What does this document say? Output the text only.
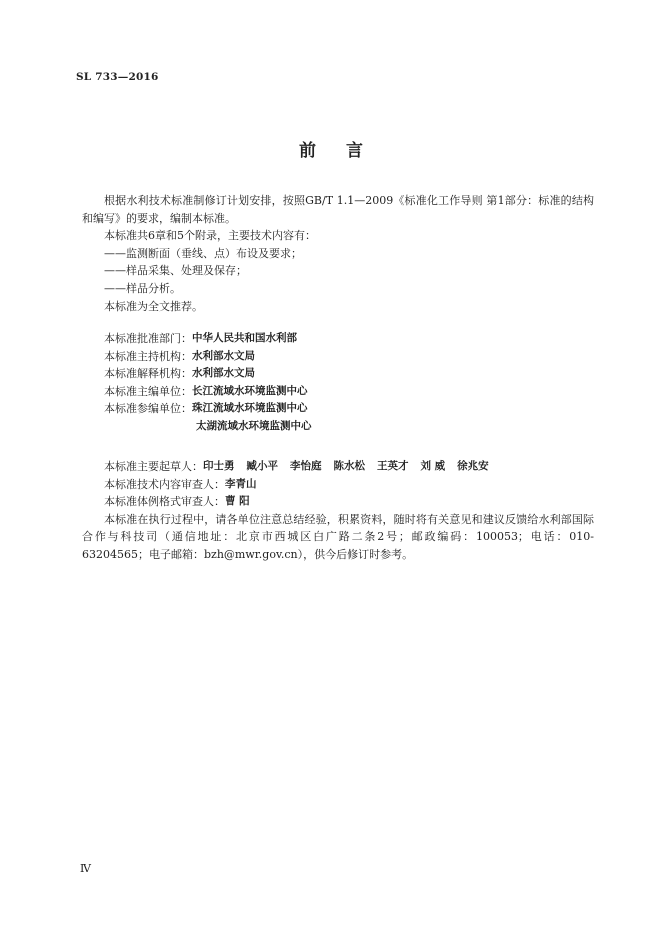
SL 733—2016
前言

根据水利技术标准制修订计划安排，按照GB/T 1.1—2009《标准化工作导则 第1部分：标准的结构和编写》的要求，编制本标准。

本标准共6章和5个附录，主要技术内容有：

——监测断面（垂线、点）布设及要求；

——样品采集、处理及保存；

——样品分析。

本标准为全文推荐。

本标准批准部门： 中华人民共和国水利部

本标准主持机构： 水利部水文局

本标准解释机构： 水利部水文局

本标准主编单位： 长江流域水环境监测中心

本标准参编单位： 珠江流域水环境监测中心

太湖流域水环境监测中心

本标准主要起草人： 印士勇 臧小平 李怡庭 陈水松 王英才 刘 威 徐兆安

本标准技术内容审查人： 李青山

本标准体例格式审查人： 曹 阳

本标准在执行过程中，请各单位注意总结经验，积累资料，随时将有关意见和建议反馈给水利部国际合作与科技司（通信地址：北京市西城区白广路二条2号；邮政编码：100053；电话：010-63204565；电子邮箱：bzh@mwr.gov.cn），供今后修订时参考。

Ⅳ
